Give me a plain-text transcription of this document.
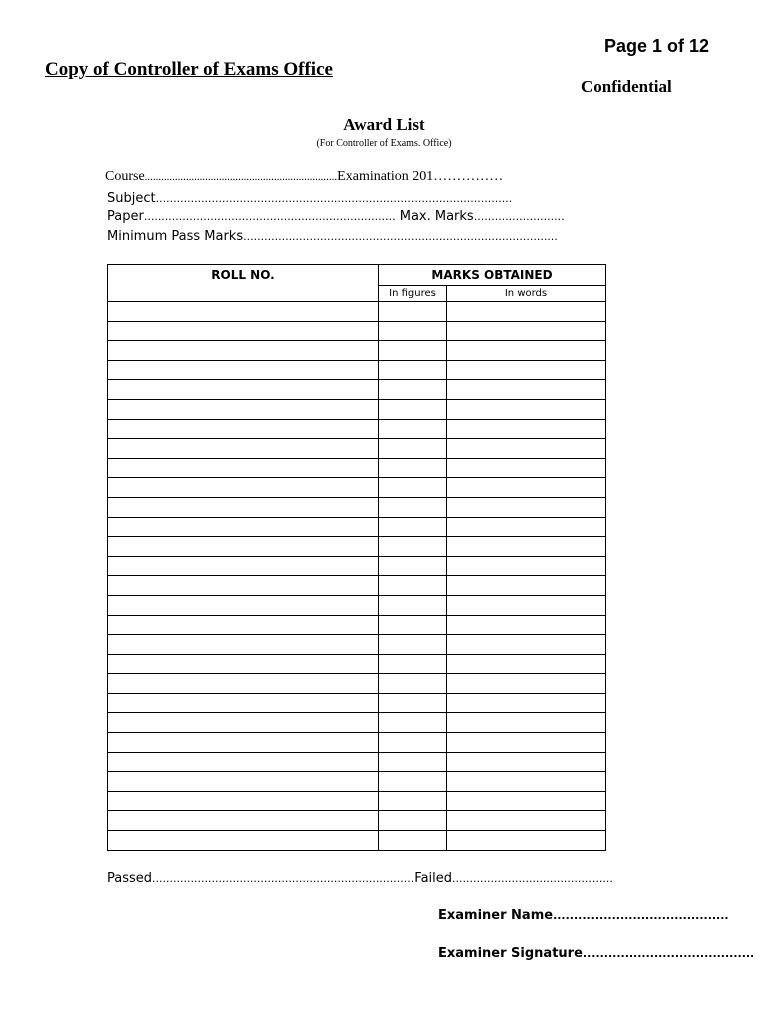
Page 1 of 12
Copy of Controller of Exams Office
Confidential
Award List
(For Controller of Exams. Office)
Course......................................................................Examination 201……………
Subject......................................................................................................
Paper........................................................................ Max. Marks..........................
Minimum Pass Marks..........................................................................................
ROLL NO.	MARKS OBTAINED	
	In figures	In words

Passed...........................................................................Failed..............................................
Examiner Name..........................................
Examiner Signature.........................................
